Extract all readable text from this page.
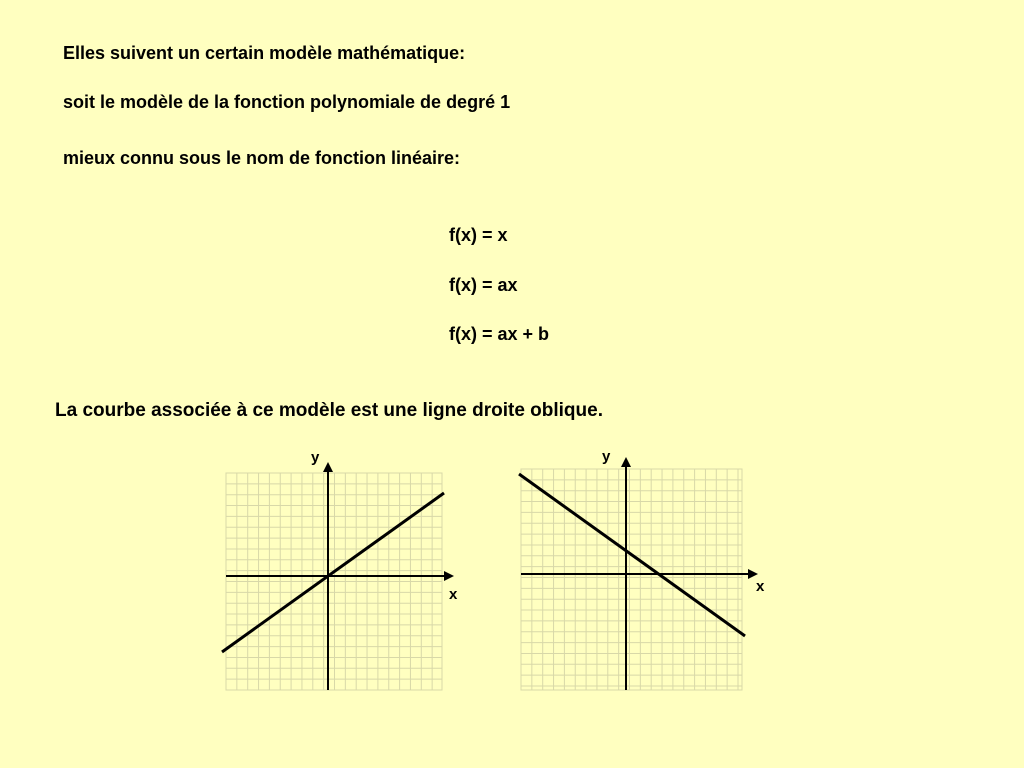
Elles suivent un certain modèle mathématique:

soit le modèle de la fonction polynomiale de degré 1

mieux connu sous le nom de fonction linéaire:

f(x) = x

f(x) = ax

f(x) = ax + b

La courbe associée à ce modèle est une ligne droite oblique.

x
y
x
y
